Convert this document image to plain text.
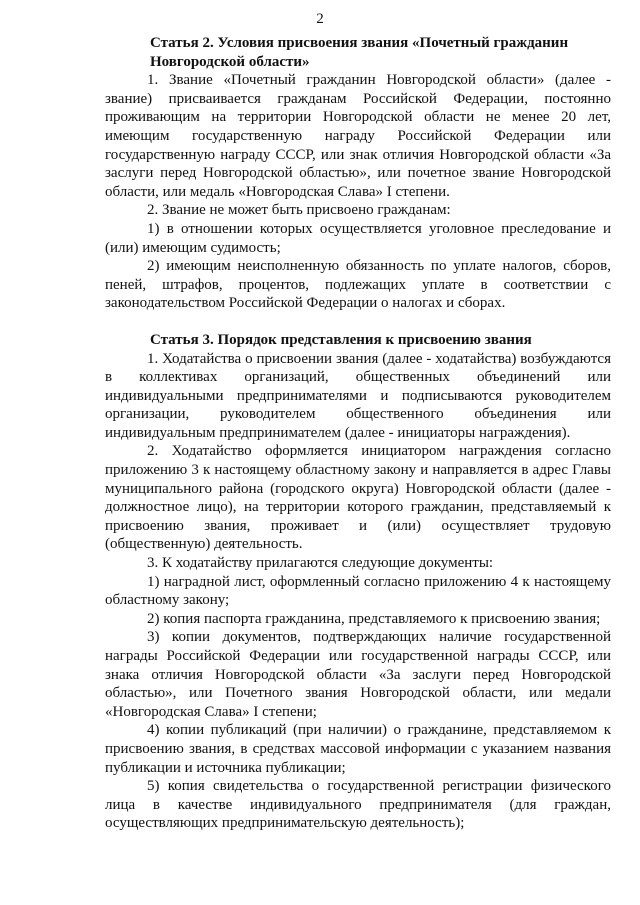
2
Статья 2. Условия присвоения звания «Почетный гражданин Новгородской области»

1. Звание «Почетный гражданин Новгородской области» (далее - звание) присваивается гражданам Российской Федерации, постоянно проживающим на территории Новгородской области не менее 20 лет, имеющим государственную награду Российской Федерации или государственную награду СССР, или знак отличия Новгородской области «За заслуги перед Новгородской областью», или почетное звание Новгородской области, или медаль «Новгородская Слава» I степени.

2. Звание не может быть присвоено гражданам:

1) в отношении которых осуществляется уголовное преследование и (или) имеющим судимость;

2) имеющим неисполненную обязанность по уплате налогов, сборов, пеней, штрафов, процентов, подлежащих уплате в соответствии с законодательством Российской Федерации о налогах и сборах.

Статья 3. Порядок представления к присвоению звания

1. Ходатайства о присвоении звания (далее - ходатайства) возбуждаются в коллективах организаций, общественных объединений или индивидуальными предпринимателями и подписываются руководителем организации, руководителем общественного объединения или индивидуальным предпринимателем (далее - инициаторы награждения).

2. Ходатайство оформляется инициатором награждения согласно приложению 3 к настоящему областному закону и направляется в адрес Главы муниципального района (городского округа) Новгородской области (далее - должностное лицо), на территории которого гражданин, представляемый к присвоению звания, проживает и (или) осуществляет трудовую (общественную) деятельность.

3. К ходатайству прилагаются следующие документы:

1) наградной лист, оформленный согласно приложению 4 к настоящему областному закону;

2) копия паспорта гражданина, представляемого к присвоению звания;

3) копии документов, подтверждающих наличие государственной награды Российской Федерации или государственной награды СССР, или знака отличия Новгородской области «За заслуги перед Новгородской областью», или Почетного звания Новгородской области, или медали «Новгородская Слава» I степени;

4) копии публикаций (при наличии) о гражданине, представляемом к присвоению звания, в средствах массовой информации с указанием названия публикации и источника публикации;

5) копия свидетельства о государственной регистрации физического лица в качестве индивидуального предпринимателя (для граждан, осуществляющих предпринимательскую деятельность);
